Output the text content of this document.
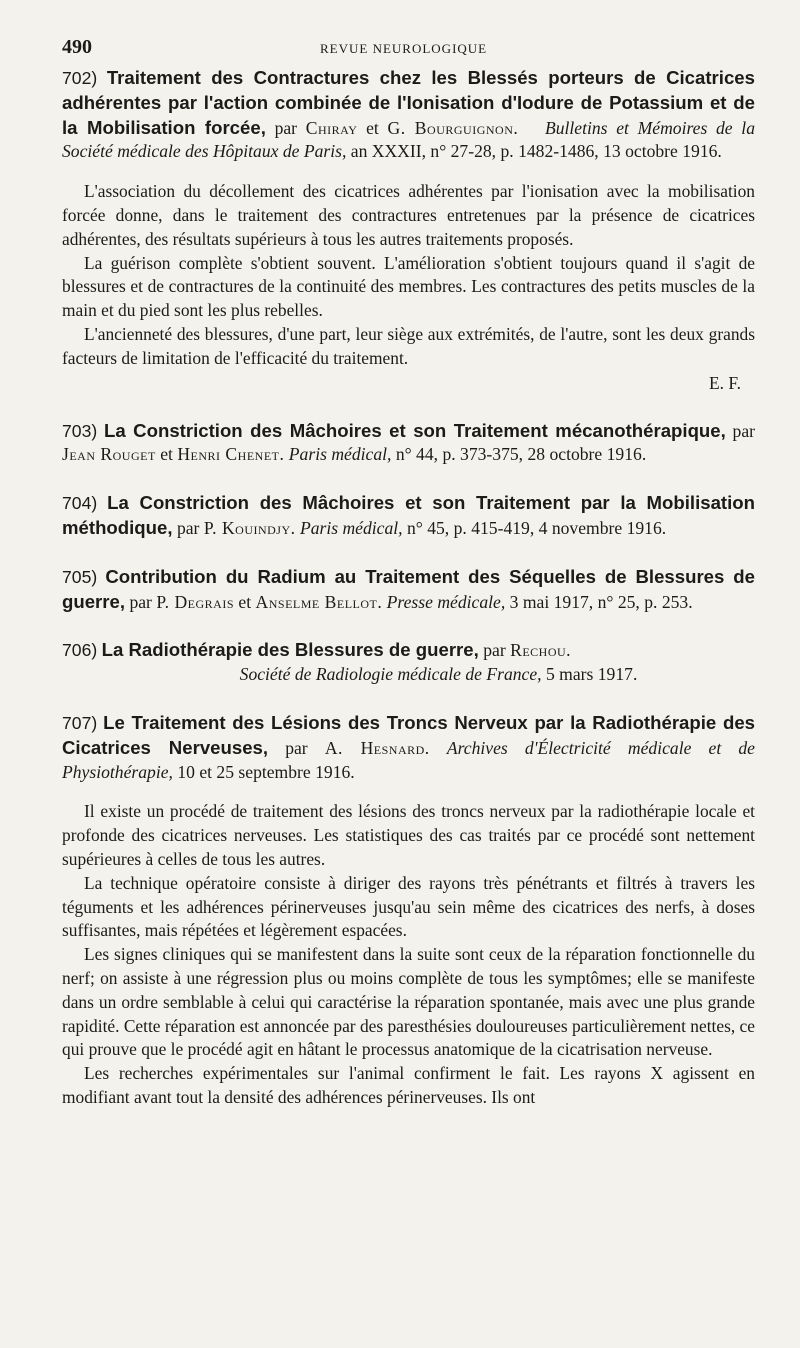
490	REVUE NEUROLOGIQUE
702) Traitement des Contractures chez les Blessés porteurs de Cicatrices adhérentes par l'action combinée de l'Ionisation d'Iodure de Potassium et de la Mobilisation forcée, par Chiray et G. Bourguignon. Bulletins et Mémoires de la Société médicale des Hôpitaux de Paris, an XXXII, n° 27-28, p. 1482-1486, 13 octobre 1916.

L'association du décollement des cicatrices adhérentes par l'ionisation avec la mobilisation forcée donne, dans le traitement des contractures entretenues par la présence de cicatrices adhérentes, des résultats supérieurs à tous les autres traitements proposés.

La guérison complète s'obtient souvent. L'amélioration s'obtient toujours quand il s'agit de blessures et de contractures de la continuité des membres. Les contractures des petits muscles de la main et du pied sont les plus rebelles.

L'ancienneté des blessures, d'une part, leur siège aux extrémités, de l'autre, sont les deux grands facteurs de limitation de l'efficacité du traitement.

E. F.
703) La Constriction des Mâchoires et son Traitement mécanothérapique, par Jean Rouget et Henri Chenet. Paris médical, n° 44, p. 373-375, 28 octobre 1916.
704) La Constriction des Mâchoires et son Traitement par la Mobilisation méthodique, par P. Kouindjy. Paris médical, n° 45, p. 415-419, 4 novembre 1916.
705) Contribution du Radium au Traitement des Séquelles de Blessures de guerre, par P. Degrais et Anselme Bellot. Presse médicale, 3 mai 1917, n° 25, p. 253.
706) La Radiothérapie des Blessures de guerre, par Rechou.
Société de Radiologie médicale de France, 5 mars 1917.
707) Le Traitement des Lésions des Troncs Nerveux par la Radiothérapie des Cicatrices Nerveuses, par A. Hesnard. Archives d'Électricité médicale et de Physiothérapie, 10 et 25 septembre 1916.

Il existe un procédé de traitement des lésions des troncs nerveux par la radiothérapie locale et profonde des cicatrices nerveuses. Les statistiques des cas traités par ce procédé sont nettement supérieures à celles de tous les autres.

La technique opératoire consiste à diriger des rayons très pénétrants et filtrés à travers les téguments et les adhérences périnerveuses jusqu'au sein même des cicatrices des nerfs, à doses suffisantes, mais répétées et légèrement espacées.

Les signes cliniques qui se manifestent dans la suite sont ceux de la réparation fonctionnelle du nerf; on assiste à une régression plus ou moins complète de tous les symptômes; elle se manifeste dans un ordre semblable à celui qui caractérise la réparation spontanée, mais avec une plus grande rapidité. Cette réparation est annoncée par des paresthésies douloureuses particulièrement nettes, ce qui prouve que le procédé agit en hâtant le processus anatomique de la cicatrisation nerveuse.

Les recherches expérimentales sur l'animal confirment le fait. Les rayons X agissent en modifiant avant tout la densité des adhérences périnerveuses. Ils ont
